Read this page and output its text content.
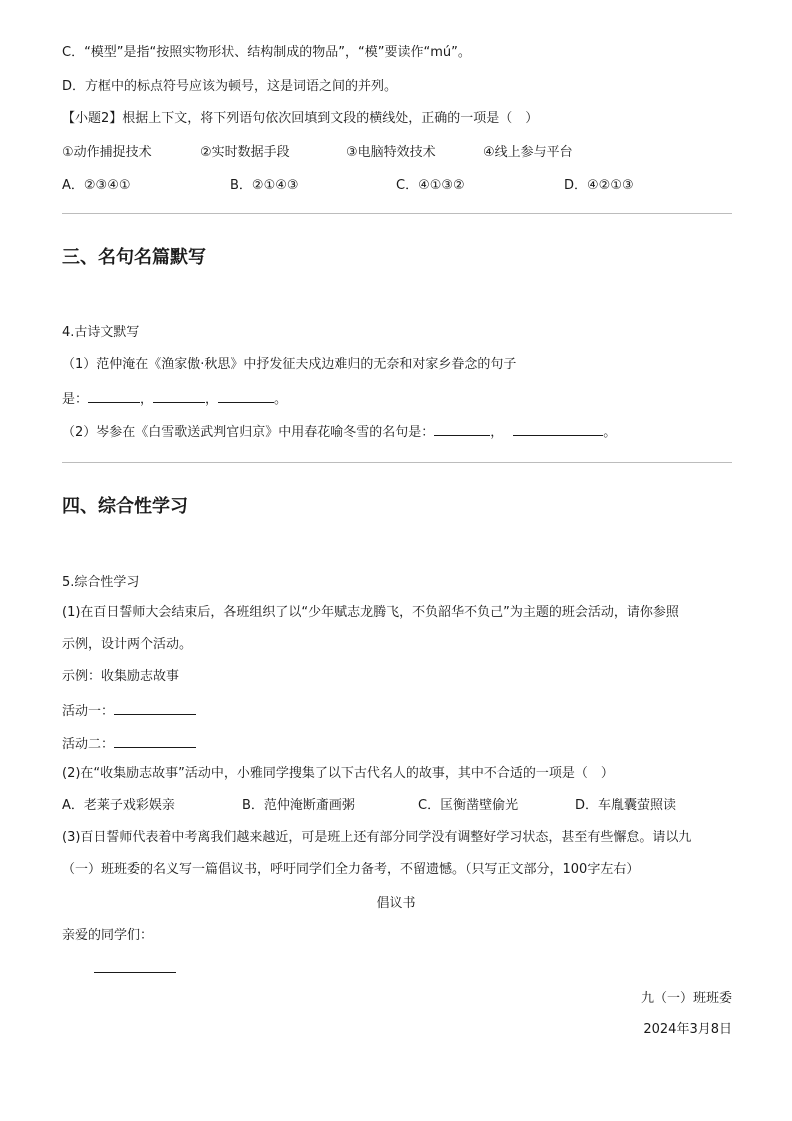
C．“模型”是指“按照实物形状、结构制成的物品”，“模”要读作“mú”。
D．方框中的标点符号应该为顿号，这是词语之间的并列。
【小题2】根据上下文，将下列语句依次回填到文段的横线处，正确的一项是（　）
①动作捕捉技术	②实时数据手段	③电脑特效技术	④线上参与平台
A．②③④①	B．②①④③	C．④①③②	D．④②①③
三、名句名篇默写
4.古诗文默写
（1）范仲淹在《渔家傲·秋思》中抒发征夫戍边难归的无奈和对家乡眷念的句子
是：	，	，	。
（2）岑参在《白雪歌送武判官归京》中用春花喻冬雪的名句是：	，	。
四、综合性学习
5.综合性学习
(1)在百日誓师大会结束后，各班组织了以“少年赋志龙腾飞，不负韶华不负己”为主题的班会活动，请你参照
示例，设计两个活动。
示例：收集励志故事
活动一：
活动二：
(2)在“收集励志故事”活动中，小雅同学搜集了以下古代名人的故事，其中不合适的一项是（　）
A．老莱子戏彩娱亲	B．范仲淹断齑画粥	C．匡衡凿壁偷光	D．车胤囊萤照读
(3)百日誓师代表着中考离我们越来越近，可是班上还有部分同学没有调整好学习状态，甚至有些懈怠。请以九
（一）班班委的名义写一篇倡议书，呼吁同学们全力备考，不留遗憾。（只写正文部分，100字左右）
倡议书
亲爱的同学们：
九（一）班班委
2024年3月8日
